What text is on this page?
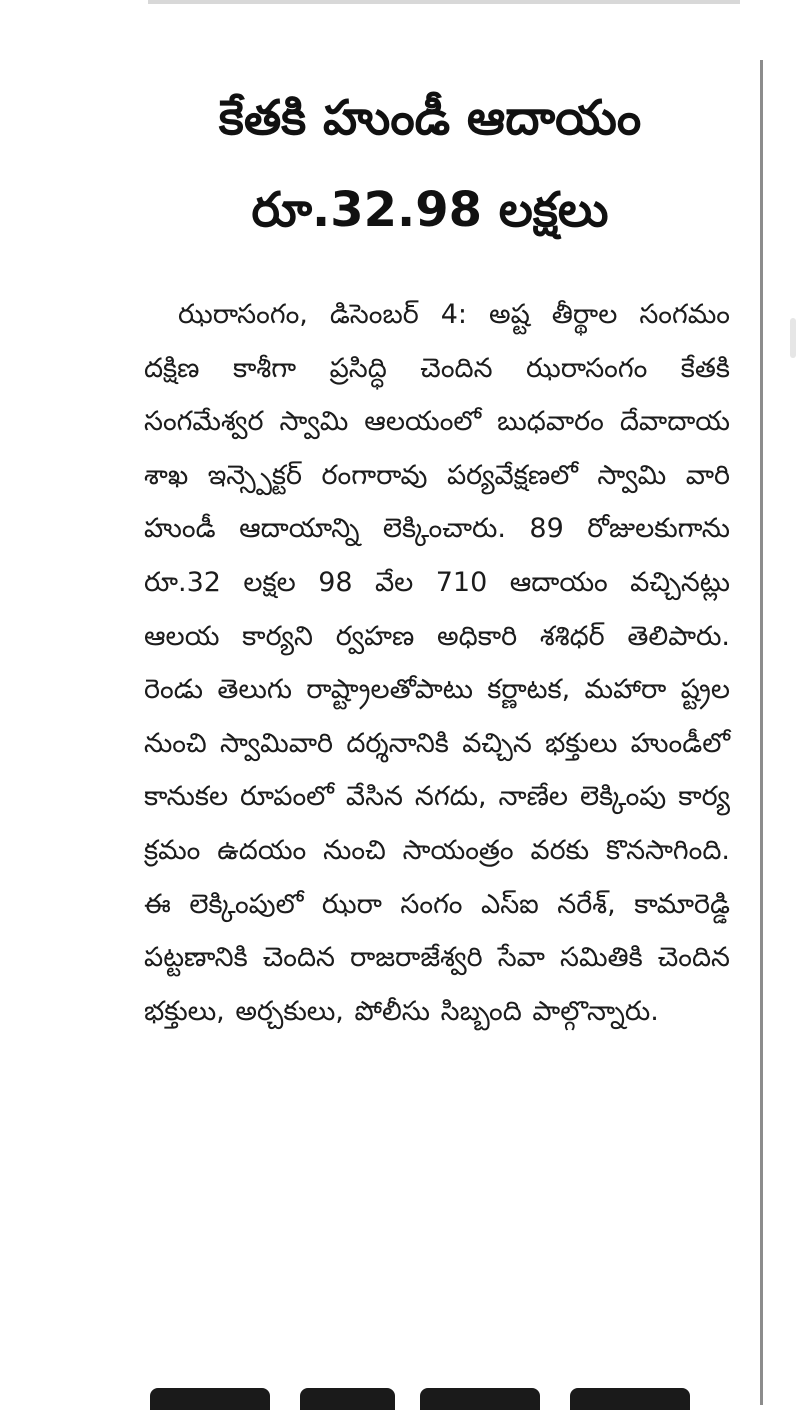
కేతకి హుండీ ఆదాయం
రూ.32.98 లక్షలు

ఝరాసంగం, డిసెంబర్ 4: అష్ట తీర్థాల సంగమం దక్షిణ కాశీగా ప్రసిద్ధి చెందిన ఝరాసంగం కేతకి సంగమేశ్వర స్వామి ఆలయంలో బుధవారం దేవాదాయ శాఖ ఇన్స్పెక్టర్ రంగారావు పర్యవేక్షణలో స్వామి వారి హుండీ ఆదాయాన్ని లెక్కించారు. 89 రోజులకుగాను రూ.32 లక్షల 98 వేల 710 ఆదాయం వచ్చినట్లు ఆలయ కార్యని ర్వహణ అధికారి శశిధర్ తెలిపారు. రెండు తెలుగు రాష్ట్రాలతోపాటు కర్ణాటక, మహారా ష్ట్రల నుంచి స్వామివారి దర్శనానికి వచ్చిన భక్తులు హుండీలో కానుకల రూపంలో వేసిన నగదు, నాణేల లెక్కింపు కార్య క్రమం ఉదయం నుంచి సాయంత్రం వరకు కొనసాగింది. ఈ లెక్కింపులో ఝరా సంగం ఎస్ఐ నరేశ్, కామారెడ్డి పట్టణానికి చెందిన రాజరాజేశ్వరి సేవా సమితికి చెందిన భక్తులు, అర్చకులు, పోలీసు సిబ్బంది పాల్గొన్నారు.
